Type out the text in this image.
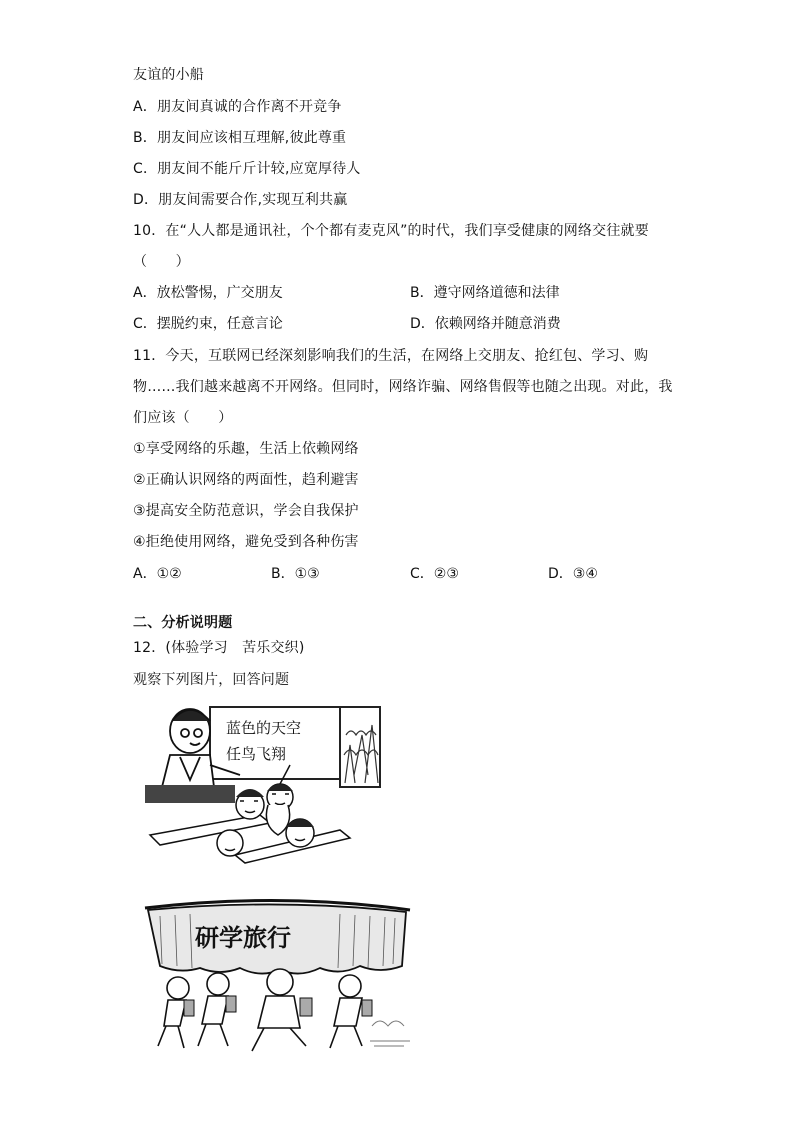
友谊的小船
A．朋友间真诚的合作离不开竞争
B．朋友间应该相互理解,彼此尊重
C．朋友间不能斤斤计较,应宽厚待人
D．朋友间需要合作,实现互利共赢
10．在“人人都是通讯社，个个都有麦克风”的时代，我们享受健康的网络交往就要
（　　）
A．放松警惕，广交朋友	B．遵守网络道德和法律
C．摆脱约束，任意言论	D．依赖网络并随意消费
11．今天，互联网已经深刻影响我们的生活，在网络上交朋友、抢红包、学习、购
物……我们越来越离不开网络。但同时，网络诈骗、网络售假等也随之出现。对此，我
们应该（　　）
①享受网络的乐趣，生活上依赖网络
②正确认识网络的两面性，趋利避害
③提高安全防范意识，学会自我保护
④拒绝使用网络，避免受到各种伤害
A．①②	B．①③	C．②③	D．③④
二、分析说明题
12．(体验学习　苦乐交织)
观察下列图片，回答问题
蓝色的天空
任鸟飞翔
研学旅行
